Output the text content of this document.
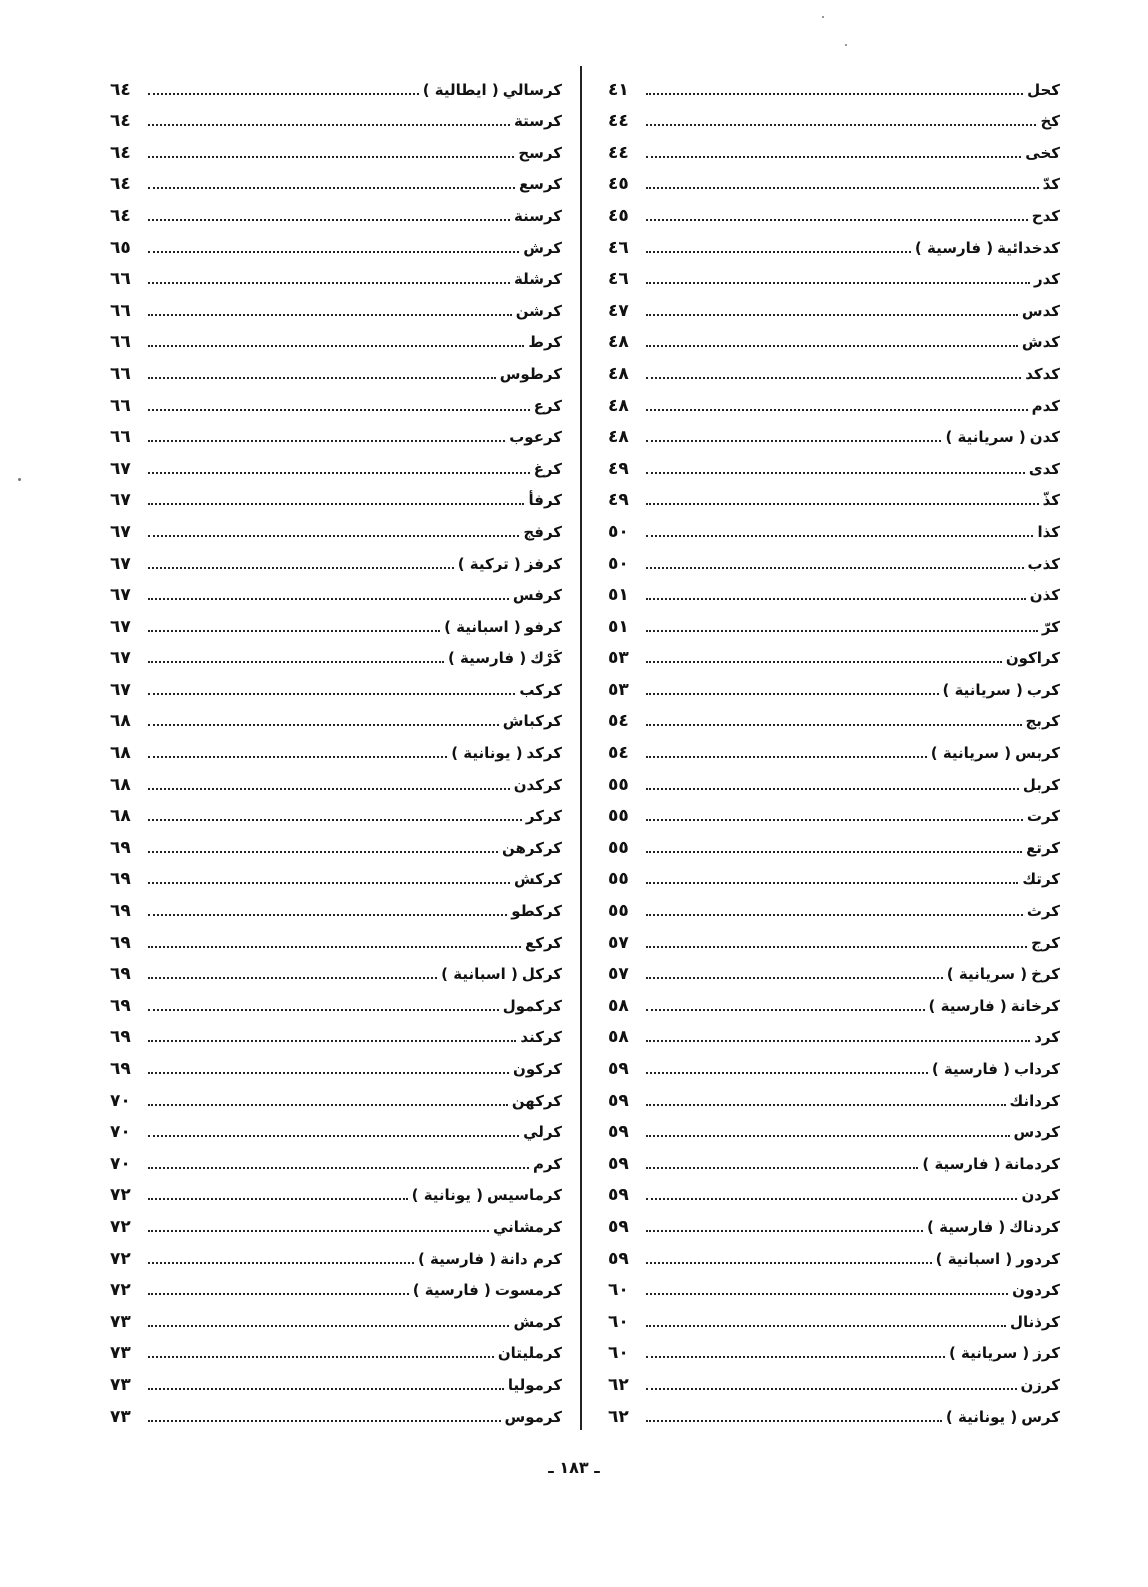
كحل
٤١
كخ
٤٤
كخى
٤٤
كدّ
٤٥
كدح
٤٥
كدخدائية
( فارسية )
٤٦
كدر
٤٦
كدس
٤٧
كدش
٤٨
كدكد
٤٨
كدم
٤٨
كدن
( سريانية )
٤٨
كدى
٤٩
كذّ
٤٩
كذا
٥٠
كذب
٥٠
كذن
٥١
كرّ
٥١
كراكون
٥٣
كرب
( سريانية )
٥٣
كربج
٥٤
كربس
( سريانية )
٥٤
كربل
٥٥
كرت
٥٥
كرتع
٥٥
كرتك
٥٥
كرث
٥٥
كرج
٥٧
كرخ
( سريانية )
٥٧
كرخانة
( فارسية )
٥٨
كرد
٥٨
كرداب
( فارسية )
٥٩
كردانك
٥٩
كردس
٥٩
كردمانة
( فارسية )
٥٩
كردن
٥٩
كردناك
( فارسية )
٥٩
كردور
( اسبانية )
٥٩
كردون
٦٠
كرذنال
٦٠
كرز
( سريانية )
٦٠
كرزن
٦٢
كرس
( يونانية )
٦٢
كرسالي
( ايطالية )
٦٤
كرستة
٦٤
كرسح
٦٤
كرسع
٦٤
كرسنة
٦٤
كرش
٦٥
كرشلة
٦٦
كرشن
٦٦
كرط
٦٦
كرطوس
٦٦
كرع
٦٦
كرعوب
٦٦
كرغ
٦٧
كرفأ
٦٧
كرفج
٦٧
كرفز
( تركية )
٦٧
كرفس
٦٧
كرفو
( اسبانية )
٦٧
كَرْك
( فارسية )
٦٧
كركب
٦٧
كركباش
٦٨
كركد
( يونانية )
٦٨
كركدن
٦٨
كركر
٦٨
كركرهن
٦٩
كركش
٦٩
كركطو
٦٩
كركع
٦٩
كركل
( اسبانية )
٦٩
كركمول
٦٩
كركند
٦٩
كركون
٦٩
كركهن
٧٠
كرلي
٧٠
كرم
٧٠
كرماسيس
( يونانية )
٧٢
كرمشاني
٧٢
كرم دانة
( فارسية )
٧٢
كرمسوت
( فارسية )
٧٢
كرمش
٧٣
كرمليتان
٧٣
كرموليا
٧٣
كرموس
٧٣
ـ ١٨٣ ـ
